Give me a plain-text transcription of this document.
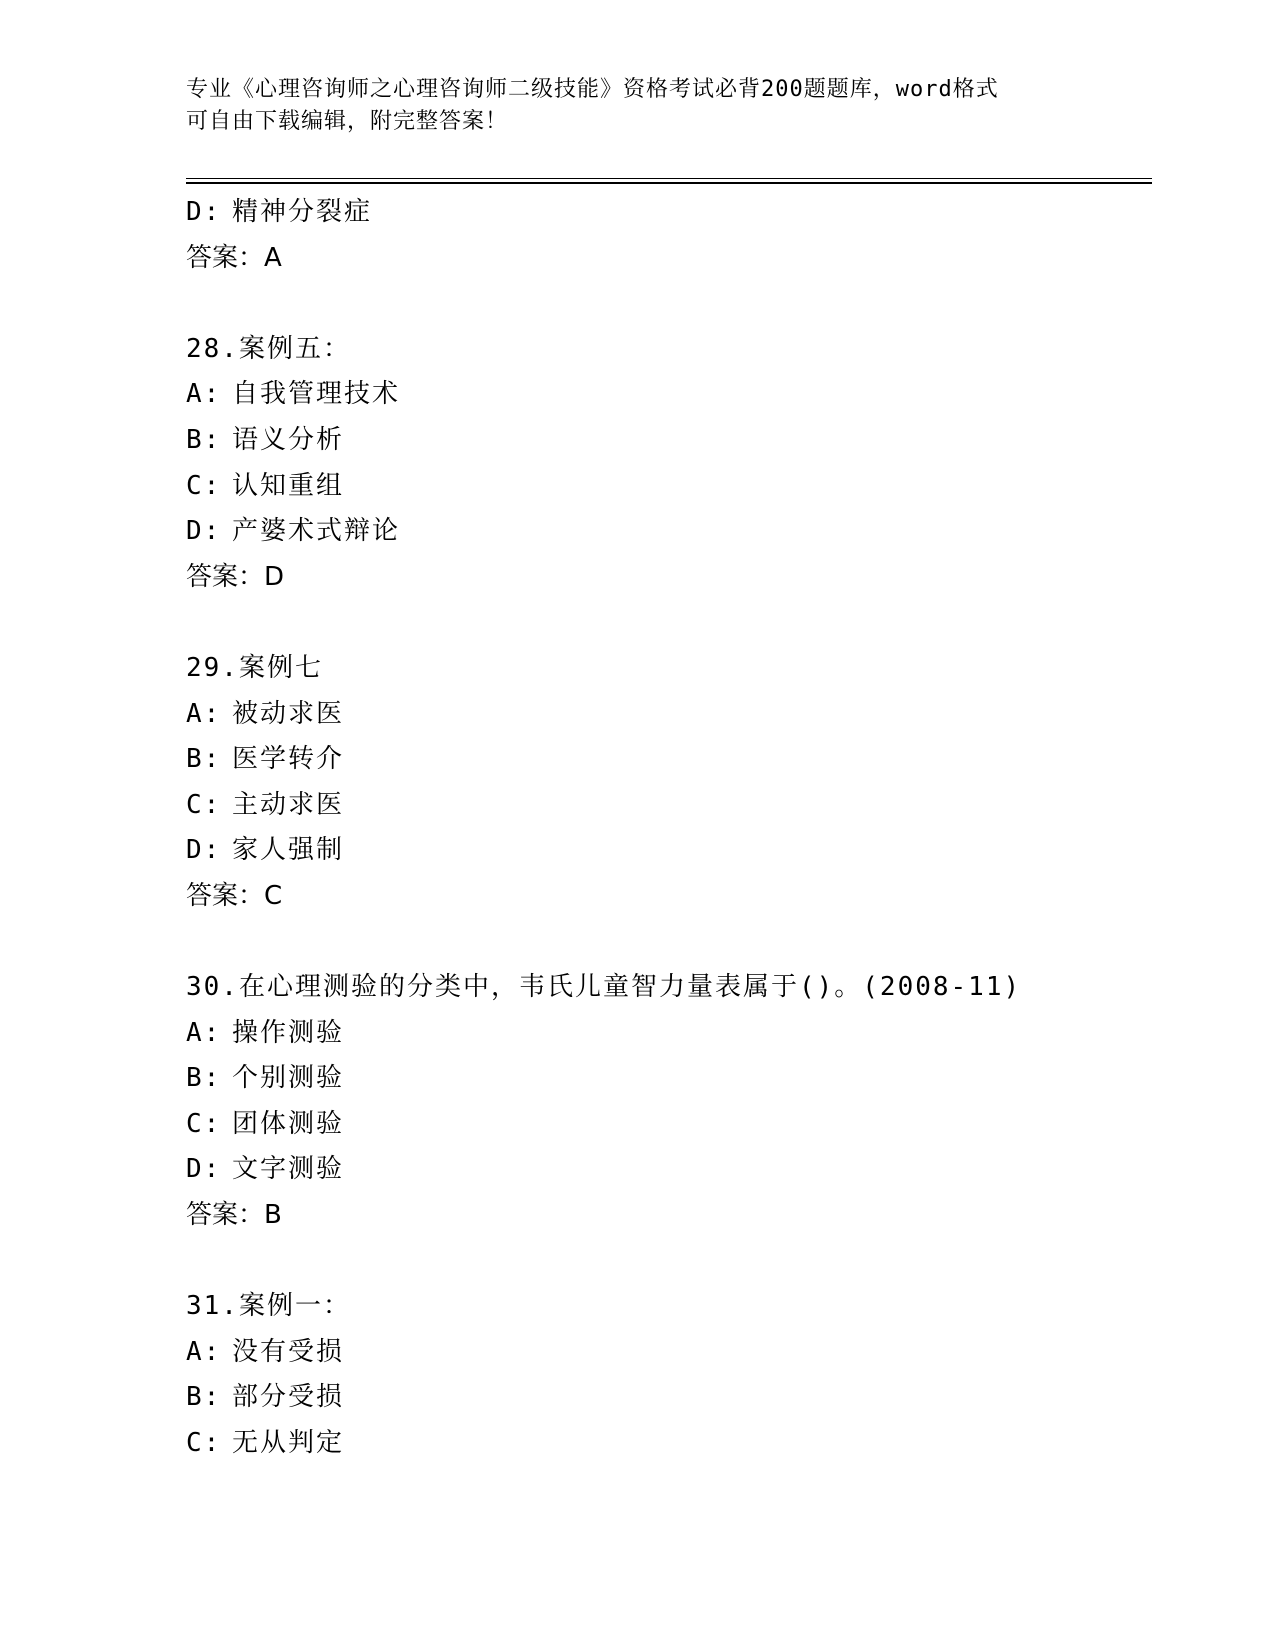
专业《心理咨询师之心理咨询师二级技能》资格考试必背200题题库，word格式
可自由下载编辑，附完整答案！
D: 精神分裂症
答案：A
28.案例五：
A: 自我管理技术
B: 语义分析
C: 认知重组
D: 产婆术式辩论
答案：D
29.案例七
A: 被动求医
B: 医学转介
C: 主动求医
D: 家人强制
答案：C
30.在心理测验的分类中，韦氏儿童智力量表属于()。(2008-11)
A: 操作测验
B: 个别测验
C: 团体测验
D: 文字测验
答案：B
31.案例一：
A: 没有受损
B: 部分受损
C: 无从判定
